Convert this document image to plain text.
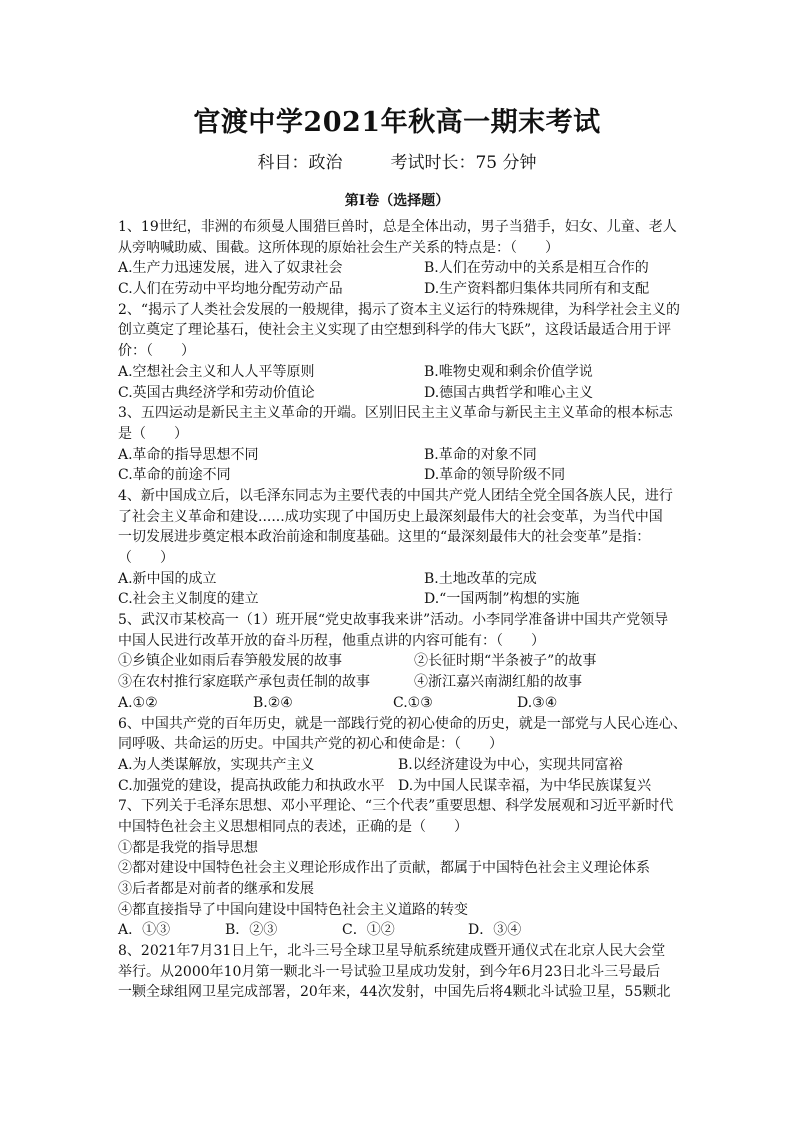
官渡中学2021年秋高一期末考试
科目：政治	考试时长：75 分钟
第Ⅰ卷（选择题）
1、19世纪，非洲的布须曼人围猎巨兽时，总是全体出动，男子当猎手，妇女、儿童、老人
从旁呐喊助威、围截。这所体现的原始社会生产关系的特点是：（　　）
A.生产力迅速发展，进入了奴隶社会	B.人们在劳动中的关系是相互合作的
C.人们在劳动中平均地分配劳动产品	D.生产资料都归集体共同所有和支配
2、“揭示了人类社会发展的一般规律，揭示了资本主义运行的特殊规律，为科学社会主义的
创立奠定了理论基石，使社会主义实现了由空想到科学的伟大飞跃”，这段话最适合用于评
价：（　　）
A.空想社会主义和人人平等原则	B.唯物史观和剩余价值学说
C.英国古典经济学和劳动价值论	D.德国古典哲学和唯心主义
3、五四运动是新民主主义革命的开端。区别旧民主主义革命与新民主主义革命的根本标志
是（　　）
A.革命的指导思想不同	B.革命的对象不同
C.革命的前途不同	D.革命的领导阶级不同
4、新中国成立后，以毛泽东同志为主要代表的中国共产党人团结全党全国各族人民，进行
了社会主义革命和建设......成功实现了中国历史上最深刻最伟大的社会变革，为当代中国
一切发展进步奠定根本政治前途和制度基础。这里的“最深刻最伟大的社会变革”是指：
（　　）
A.新中国的成立	B.土地改革的完成
C.社会主义制度的建立	D.“一国两制”构想的实施
5、武汉市某校高一（1）班开展“党史故事我来讲”活动。小李同学准备讲中国共产党领导
中国人民进行改革开放的奋斗历程，他重点讲的内容可能有：（　　）
①乡镇企业如雨后春笋般发展的故事	②长征时期“半条被子”的故事
③在农村推行家庭联产承包责任制的故事	④浙江嘉兴南湖红船的故事
A.①②	B.②④	C.①③	D.③④
6、中国共产党的百年历史，就是一部践行党的初心使命的历史，就是一部党与人民心连心、
同呼吸、共命运的历史。中国共产党的初心和使命是：（　　）
A.为人类谋解放，实现共产主义	B.以经济建设为中心，实现共同富裕
C.加强党的建设，提高执政能力和执政水平 D.为中国人民谋幸福，为中华民族谋复兴
7、下列关于毛泽东思想、邓小平理论、“三个代表”重要思想、科学发展观和习近平新时代
中国特色社会主义思想相同点的表述，正确的是（　　）
①都是我党的指导思想
②都对建设中国特色社会主义理论形成作出了贡献，都属于中国特色社会主义理论体系
③后者都是对前者的继承和发展
④都直接指导了中国向建设中国特色社会主义道路的转变
A．①③	B．②③	C．①②	D．③④
8、2021年7月31日上午，北斗三号全球卫星导航系统建成暨开通仪式在北京人民大会堂
举行。从2000年10月第一颗北斗一号试验卫星成功发射，到今年6月23日北斗三号最后
一颗全球组网卫星完成部署，20年来，44次发射，中国先后将4颗北斗试验卫星，55颗北
